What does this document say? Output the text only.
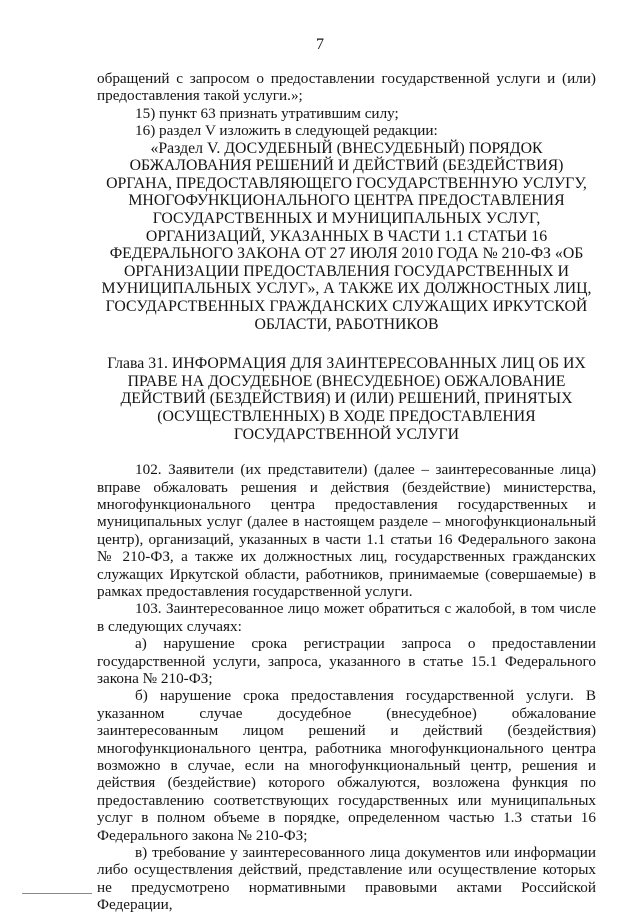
7

обращений с запросом о предоставлении государственной услуги и (или) предоставления такой услуги.»;

15) пункт 63 признать утратившим силу;

16) раздел V изложить в следующей редакции:

«Раздел V. ДОСУДЕБНЫЙ (ВНЕСУДЕБНЫЙ) ПОРЯДОК ОБЖАЛОВАНИЯ РЕШЕНИЙ И ДЕЙСТВИЙ (БЕЗДЕЙСТВИЯ) ОРГАНА, ПРЕДОСТАВЛЯЮЩЕГО ГОСУДАРСТВЕННУЮ УСЛУГУ, МНОГОФУНКЦИОНАЛЬНОГО ЦЕНТРА ПРЕДОСТАВЛЕНИЯ ГОСУДАРСТВЕННЫХ И МУНИЦИПАЛЬНЫХ УСЛУГ, ОРГАНИЗАЦИЙ, УКАЗАННЫХ В ЧАСТИ 1.1 СТАТЬИ 16 ФЕДЕРАЛЬНОГО ЗАКОНА ОТ 27 ИЮЛЯ 2010 ГОДА № 210-ФЗ «ОБ ОРГАНИЗАЦИИ ПРЕДОСТАВЛЕНИЯ ГОСУДАРСТВЕННЫХ И МУНИЦИПАЛЬНЫХ УСЛУГ», А ТАКЖЕ ИХ ДОЛЖНОСТНЫХ ЛИЦ, ГОСУДАРСТВЕННЫХ ГРАЖДАНСКИХ СЛУЖАЩИХ ИРКУТСКОЙ ОБЛАСТИ, РАБОТНИКОВ

Глава 31. ИНФОРМАЦИЯ ДЛЯ ЗАИНТЕРЕСОВАННЫХ ЛИЦ ОБ ИХ ПРАВЕ НА ДОСУДЕБНОЕ (ВНЕСУДЕБНОЕ) ОБЖАЛОВАНИЕ ДЕЙСТВИЙ (БЕЗДЕЙСТВИЯ) И (ИЛИ) РЕШЕНИЙ, ПРИНЯТЫХ (ОСУЩЕСТВЛЕННЫХ) В ХОДЕ ПРЕДОСТАВЛЕНИЯ ГОСУДАРСТВЕННОЙ УСЛУГИ

102. Заявители (их представители) (далее – заинтересованные лица) вправе обжаловать решения и действия (бездействие) министерства, многофункционального центра предоставления государственных и муниципальных услуг (далее в настоящем разделе – многофункциональный центр), организаций, указанных в части 1.1 статьи 16 Федерального закона № 210-ФЗ, а также их должностных лиц, государственных гражданских служащих Иркутской области, работников, принимаемые (совершаемые) в рамках предоставления государственной услуги.

103. Заинтересованное лицо может обратиться с жалобой, в том числе в следующих случаях:

а) нарушение срока регистрации запроса о предоставлении государственной услуги, запроса, указанного в статье 15.1 Федерального закона № 210-ФЗ;

б) нарушение срока предоставления государственной услуги. В указанном случае досудебное (внесудебное) обжалование заинтересованным лицом решений и действий (бездействия) многофункционального центра, работника многофункционального центра возможно в случае, если на многофункциональный центр, решения и действия (бездействие) которого обжалуются, возложена функция по предоставлению соответствующих государственных или муниципальных услуг в полном объеме в порядке, определенном частью 1.3 статьи 16 Федерального закона № 210-ФЗ;

в) требование у заинтересованного лица документов или информации либо осуществления действий, представление или осуществление которых не предусмотрено нормативными правовыми актами Российской Федерации,
